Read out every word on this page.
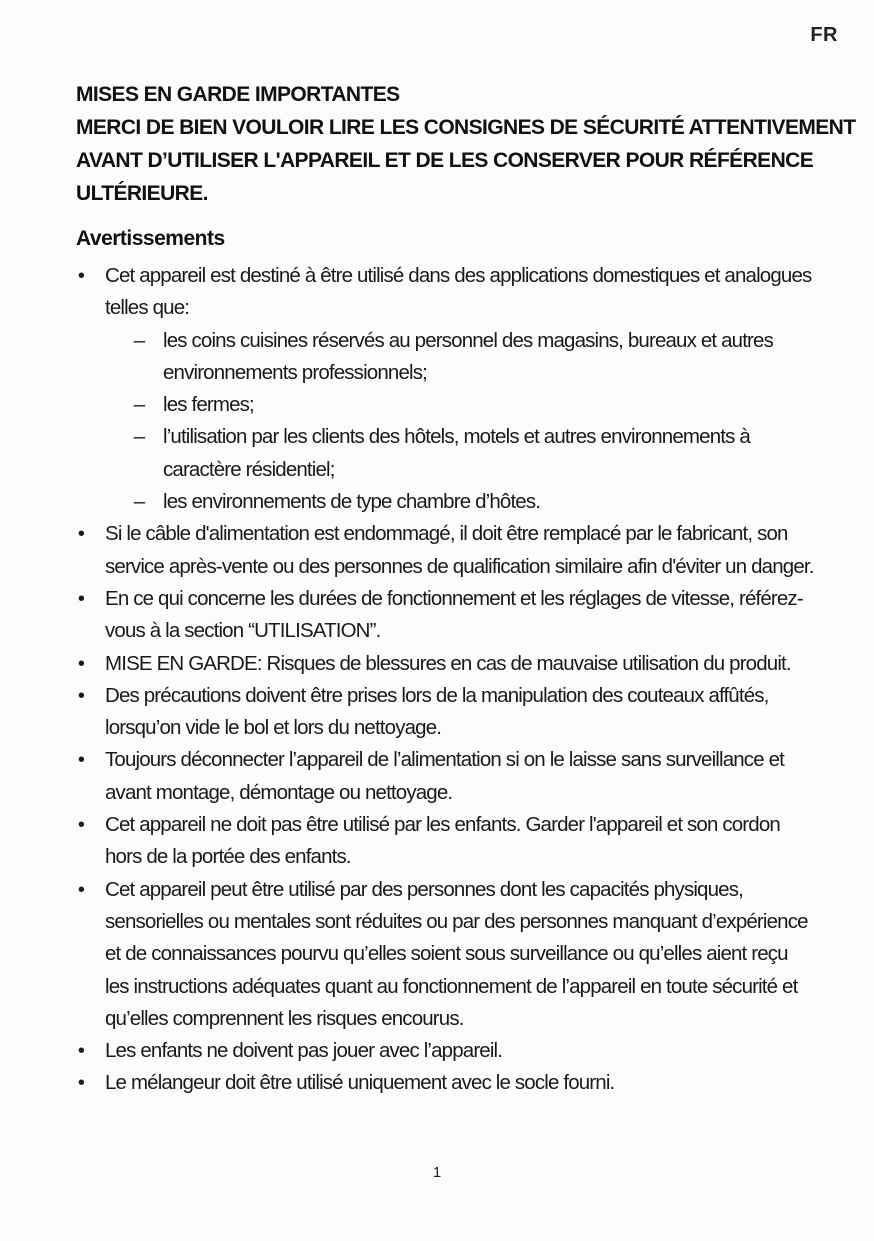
FR
MISES EN GARDE IMPORTANTES
MERCI DE BIEN VOULOIR LIRE LES CONSIGNES DE SÉCURITÉ ATTENTIVEMENT
AVANT D’UTILISER L'APPAREIL ET DE LES CONSERVER POUR RÉFÉRENCE
ULTÉRIEURE.
Avertissements
• Cet appareil est destiné à être utilisé dans des applications domestiques et analogues telles que:
– les coins cuisines réservés au personnel des magasins, bureaux et autres environnements professionnels;
– les fermes;
– l’utilisation par les clients des hôtels, motels et autres environnements à caractère résidentiel;
– les environnements de type chambre d’hôtes.
• Si le câble d'alimentation est endommagé, il doit être remplacé par le fabricant, son service après-vente ou des personnes de qualification similaire afin d'éviter un danger.
• En ce qui concerne les durées de fonctionnement et les réglages de vitesse, référez-vous à la section “UTILISATION”.
• MISE EN GARDE: Risques de blessures en cas de mauvaise utilisation du produit.
• Des précautions doivent être prises lors de la manipulation des couteaux affûtés, lorsqu’on vide le bol et lors du nettoyage.
• Toujours déconnecter l’appareil de l’alimentation si on le laisse sans surveillance et avant montage, démontage ou nettoyage.
• Cet appareil ne doit pas être utilisé par les enfants. Garder l'appareil et son cordon hors de la portée des enfants.
• Cet appareil peut être utilisé par des personnes dont les capacités physiques, sensorielles ou mentales sont réduites ou par des personnes manquant d’expérience et de connaissances pourvu qu’elles soient sous surveillance ou qu’elles aient reçu les instructions adéquates quant au fonctionnement de l’appareil en toute sécurité et qu’elles comprennent les risques encourus.
• Les enfants ne doivent pas jouer avec l’appareil.
• Le mélangeur doit être utilisé uniquement avec le socle fourni.
1
